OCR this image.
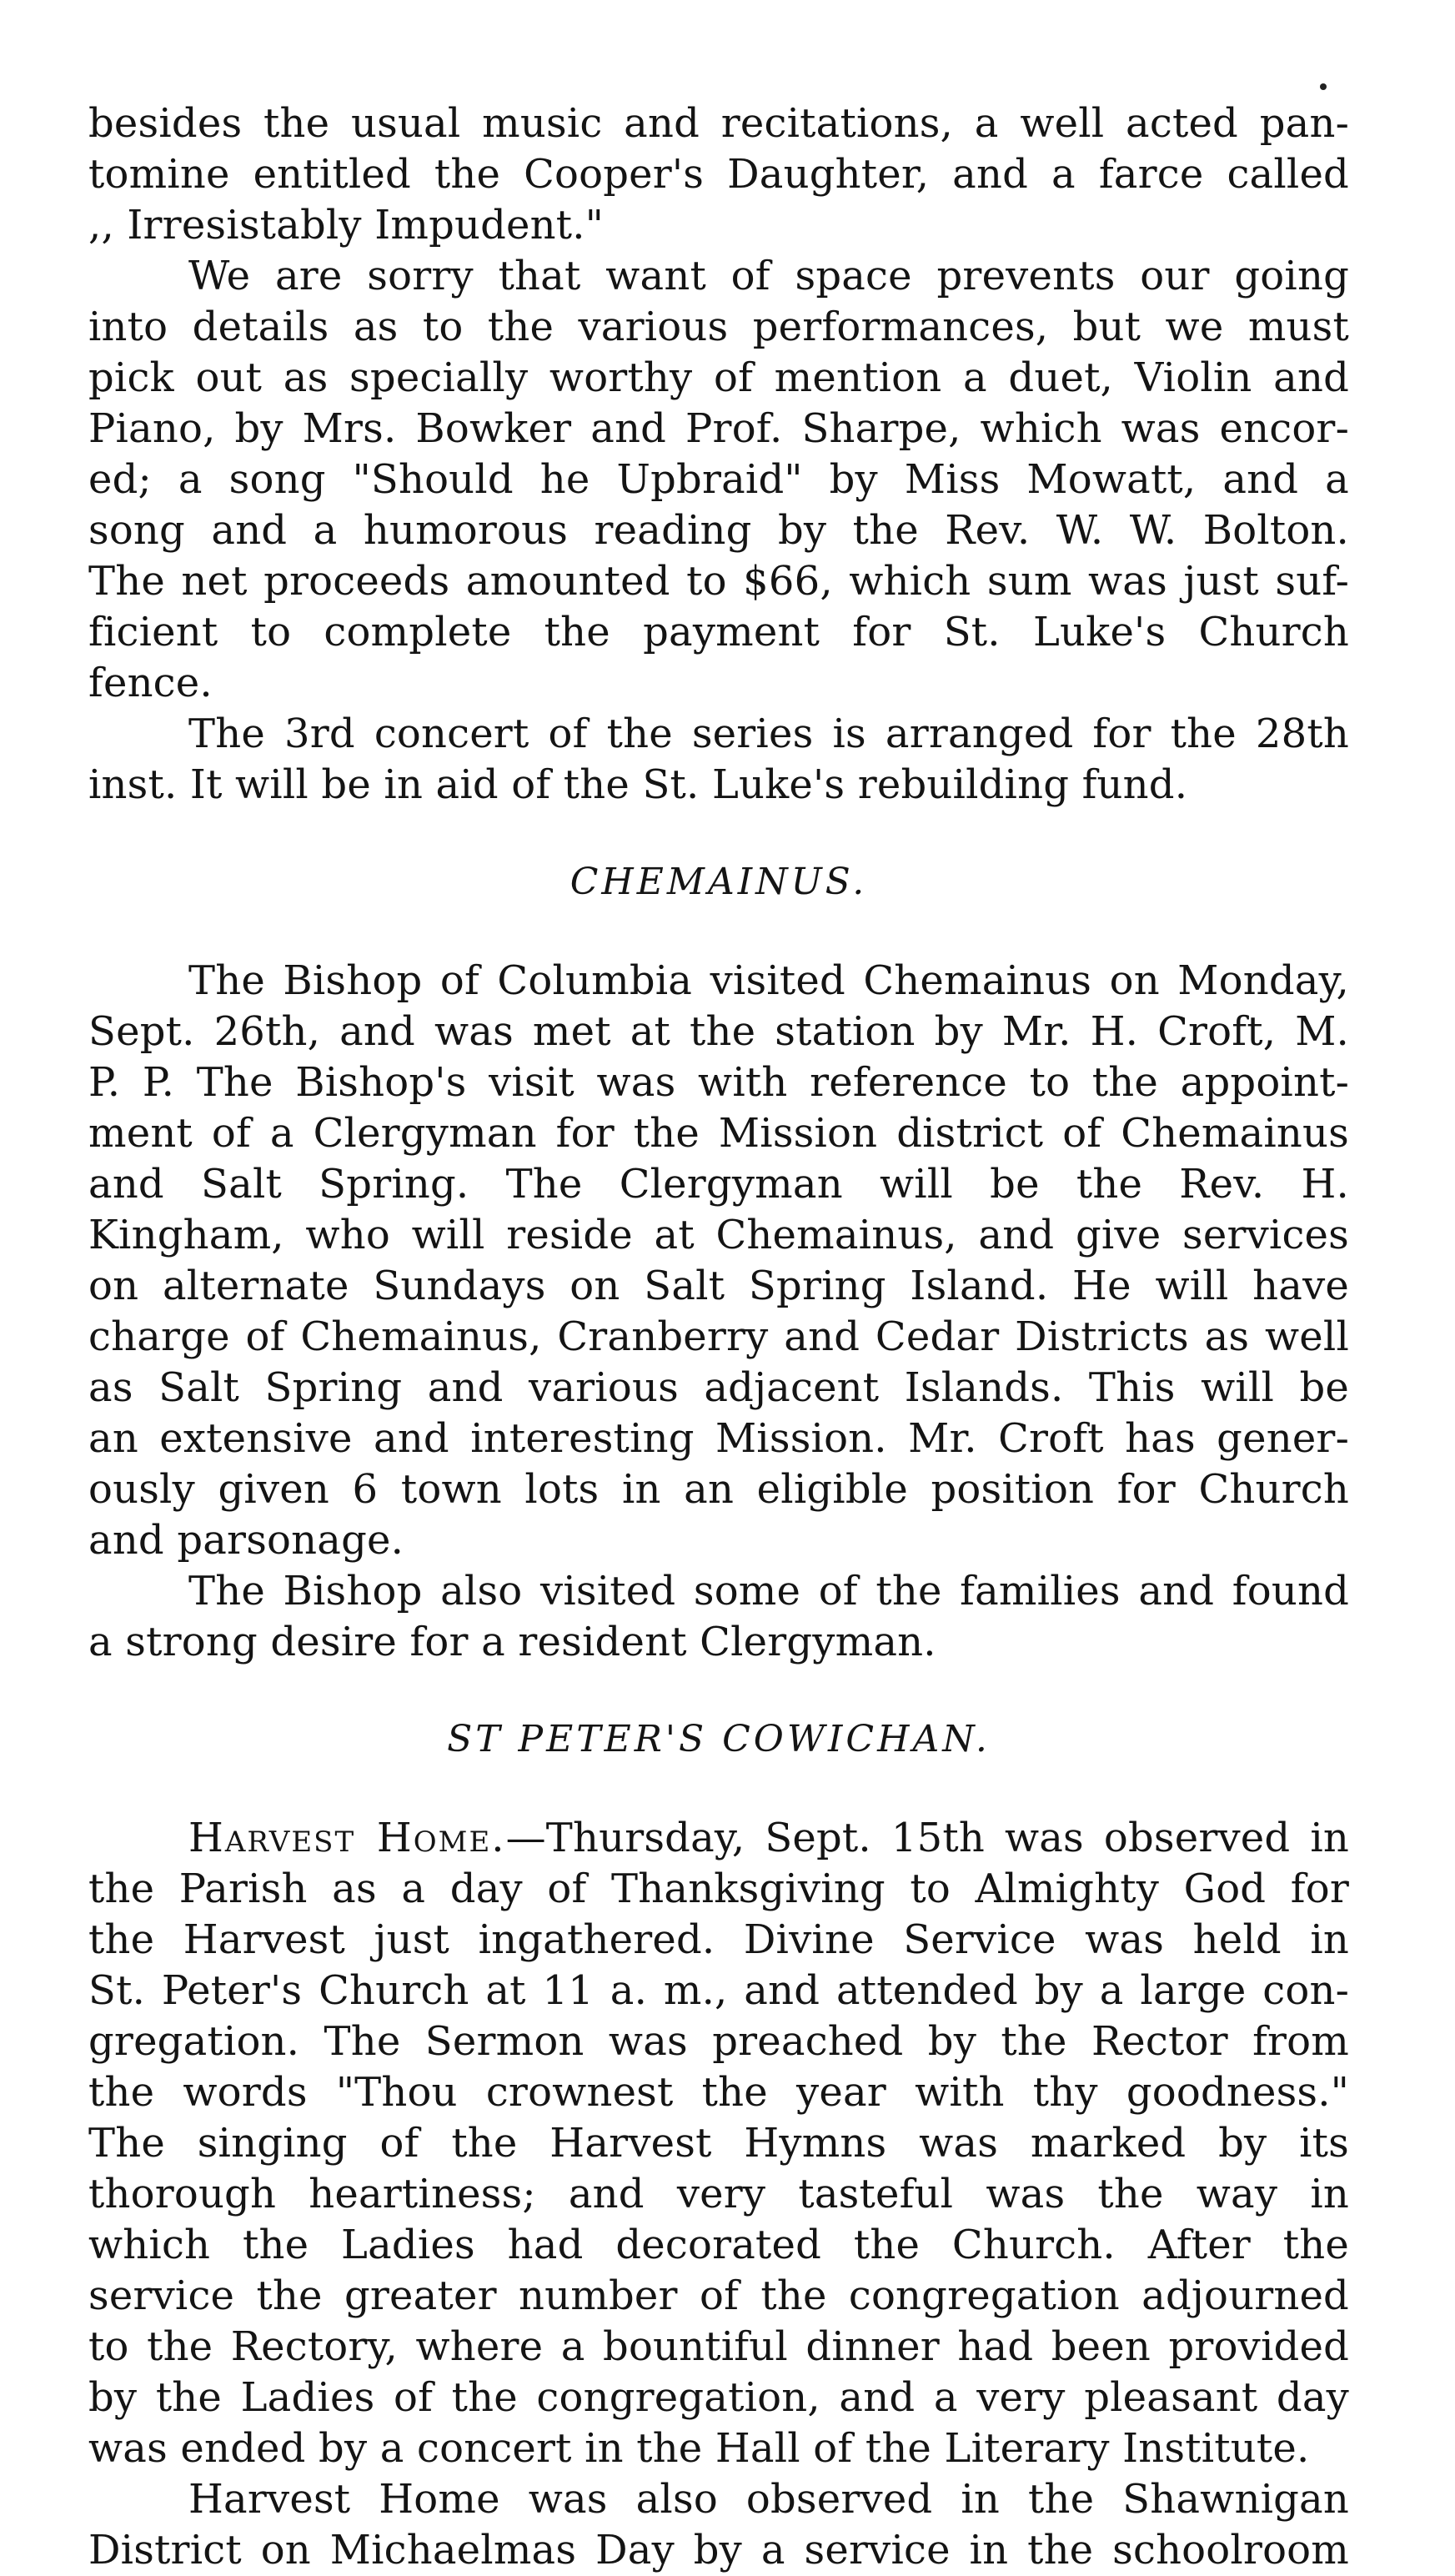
besides the usual music and recitations, a well acted pan-
tomine entitled the Cooper's Daughter, and a farce called
,, Irresistably Impudent."

We are sorry that want of space prevents our going
into details as to the various performances, but we must
pick out as specially worthy of mention a duet, Violin and
Piano, by Mrs. Bowker and Prof. Sharpe, which was encor-
ed; a song "Should he Upbraid" by Miss Mowatt, and a
song and a humorous reading by the Rev. W. W. Bolton.
The net proceeds amounted to $66, which sum was just suf-
ficient to complete the payment for St. Luke's Church
fence.

The 3rd concert of the series is arranged for the 28th
inst. It will be in aid of the St. Luke's rebuilding fund.

CHEMAINUS.

The Bishop of Columbia visited Chemainus on Monday,
Sept. 26th, and was met at the station by Mr. H. Croft, M.
P. P. The Bishop's visit was with reference to the appoint-
ment of a Clergyman for the Mission district of Chemainus
and Salt Spring. The Clergyman will be the Rev. H.
Kingham, who will reside at Chemainus, and give services
on alternate Sundays on Salt Spring Island. He will have
charge of Chemainus, Cranberry and Cedar Districts as well
as Salt Spring and various adjacent Islands. This will be
an extensive and interesting Mission. Mr. Croft has gener-
ously given 6 town lots in an eligible position for Church
and parsonage.

The Bishop also visited some of the families and found
a strong desire for a resident Clergyman.

ST PETER'S COWICHAN.

Harvest Home.—Thursday, Sept. 15th was observed in
the Parish as a day of Thanksgiving to Almighty God for
the Harvest just ingathered. Divine Service was held in
St. Peter's Church at 11 a. m., and attended by a large con-
gregation. The Sermon was preached by the Rector from
the words "Thou crownest the year with thy goodness."
The singing of the Harvest Hymns was marked by its
thorough heartiness; and very tasteful was the way in
which the Ladies had decorated the Church. After the
service the greater number of the congregation adjourned
to the Rectory, where a bountiful dinner had been provided
by the Ladies of the congregation, and a very pleasant day
was ended by a concert in the Hall of the Literary Institute.

Harvest Home was also observed in the Shawnigan
District on Michaelmas Day by a service in the schoolroom
